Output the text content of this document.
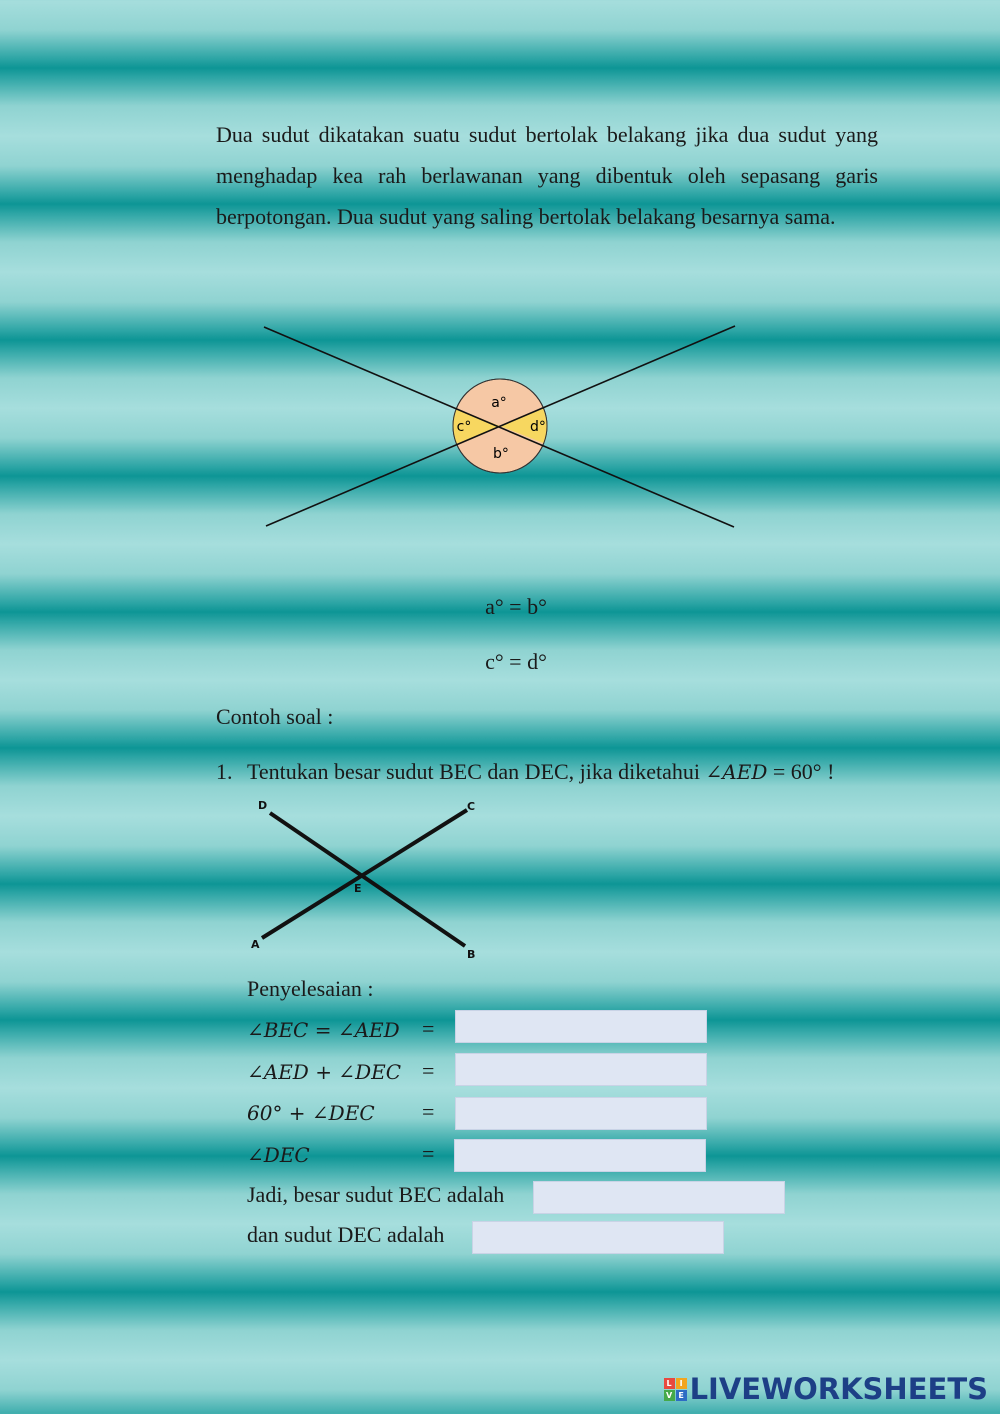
Dua sudut dikatakan suatu sudut bertolak belakang jika dua sudut yang menghadap kea rah berlawanan yang dibentuk oleh sepasang garis berpotongan. Dua sudut yang saling bertolak belakang besarnya sama.
a°
b°
c°	d°
a° = b°
c° = d°
Contoh soal :
1. Tentukan besar sudut BEC dan DEC, jika diketahui ∠AED = 60° !
D	C
E
A
B
Penyelesaian :
∠BEC = ∠AED =
∠AED + ∠DEC =
60° + ∠DEC =
∠DEC	=
Jadi, besar sudut BEC adalah
dan sudut DEC adalah
L I
V E LIVEWORKSHEETS
